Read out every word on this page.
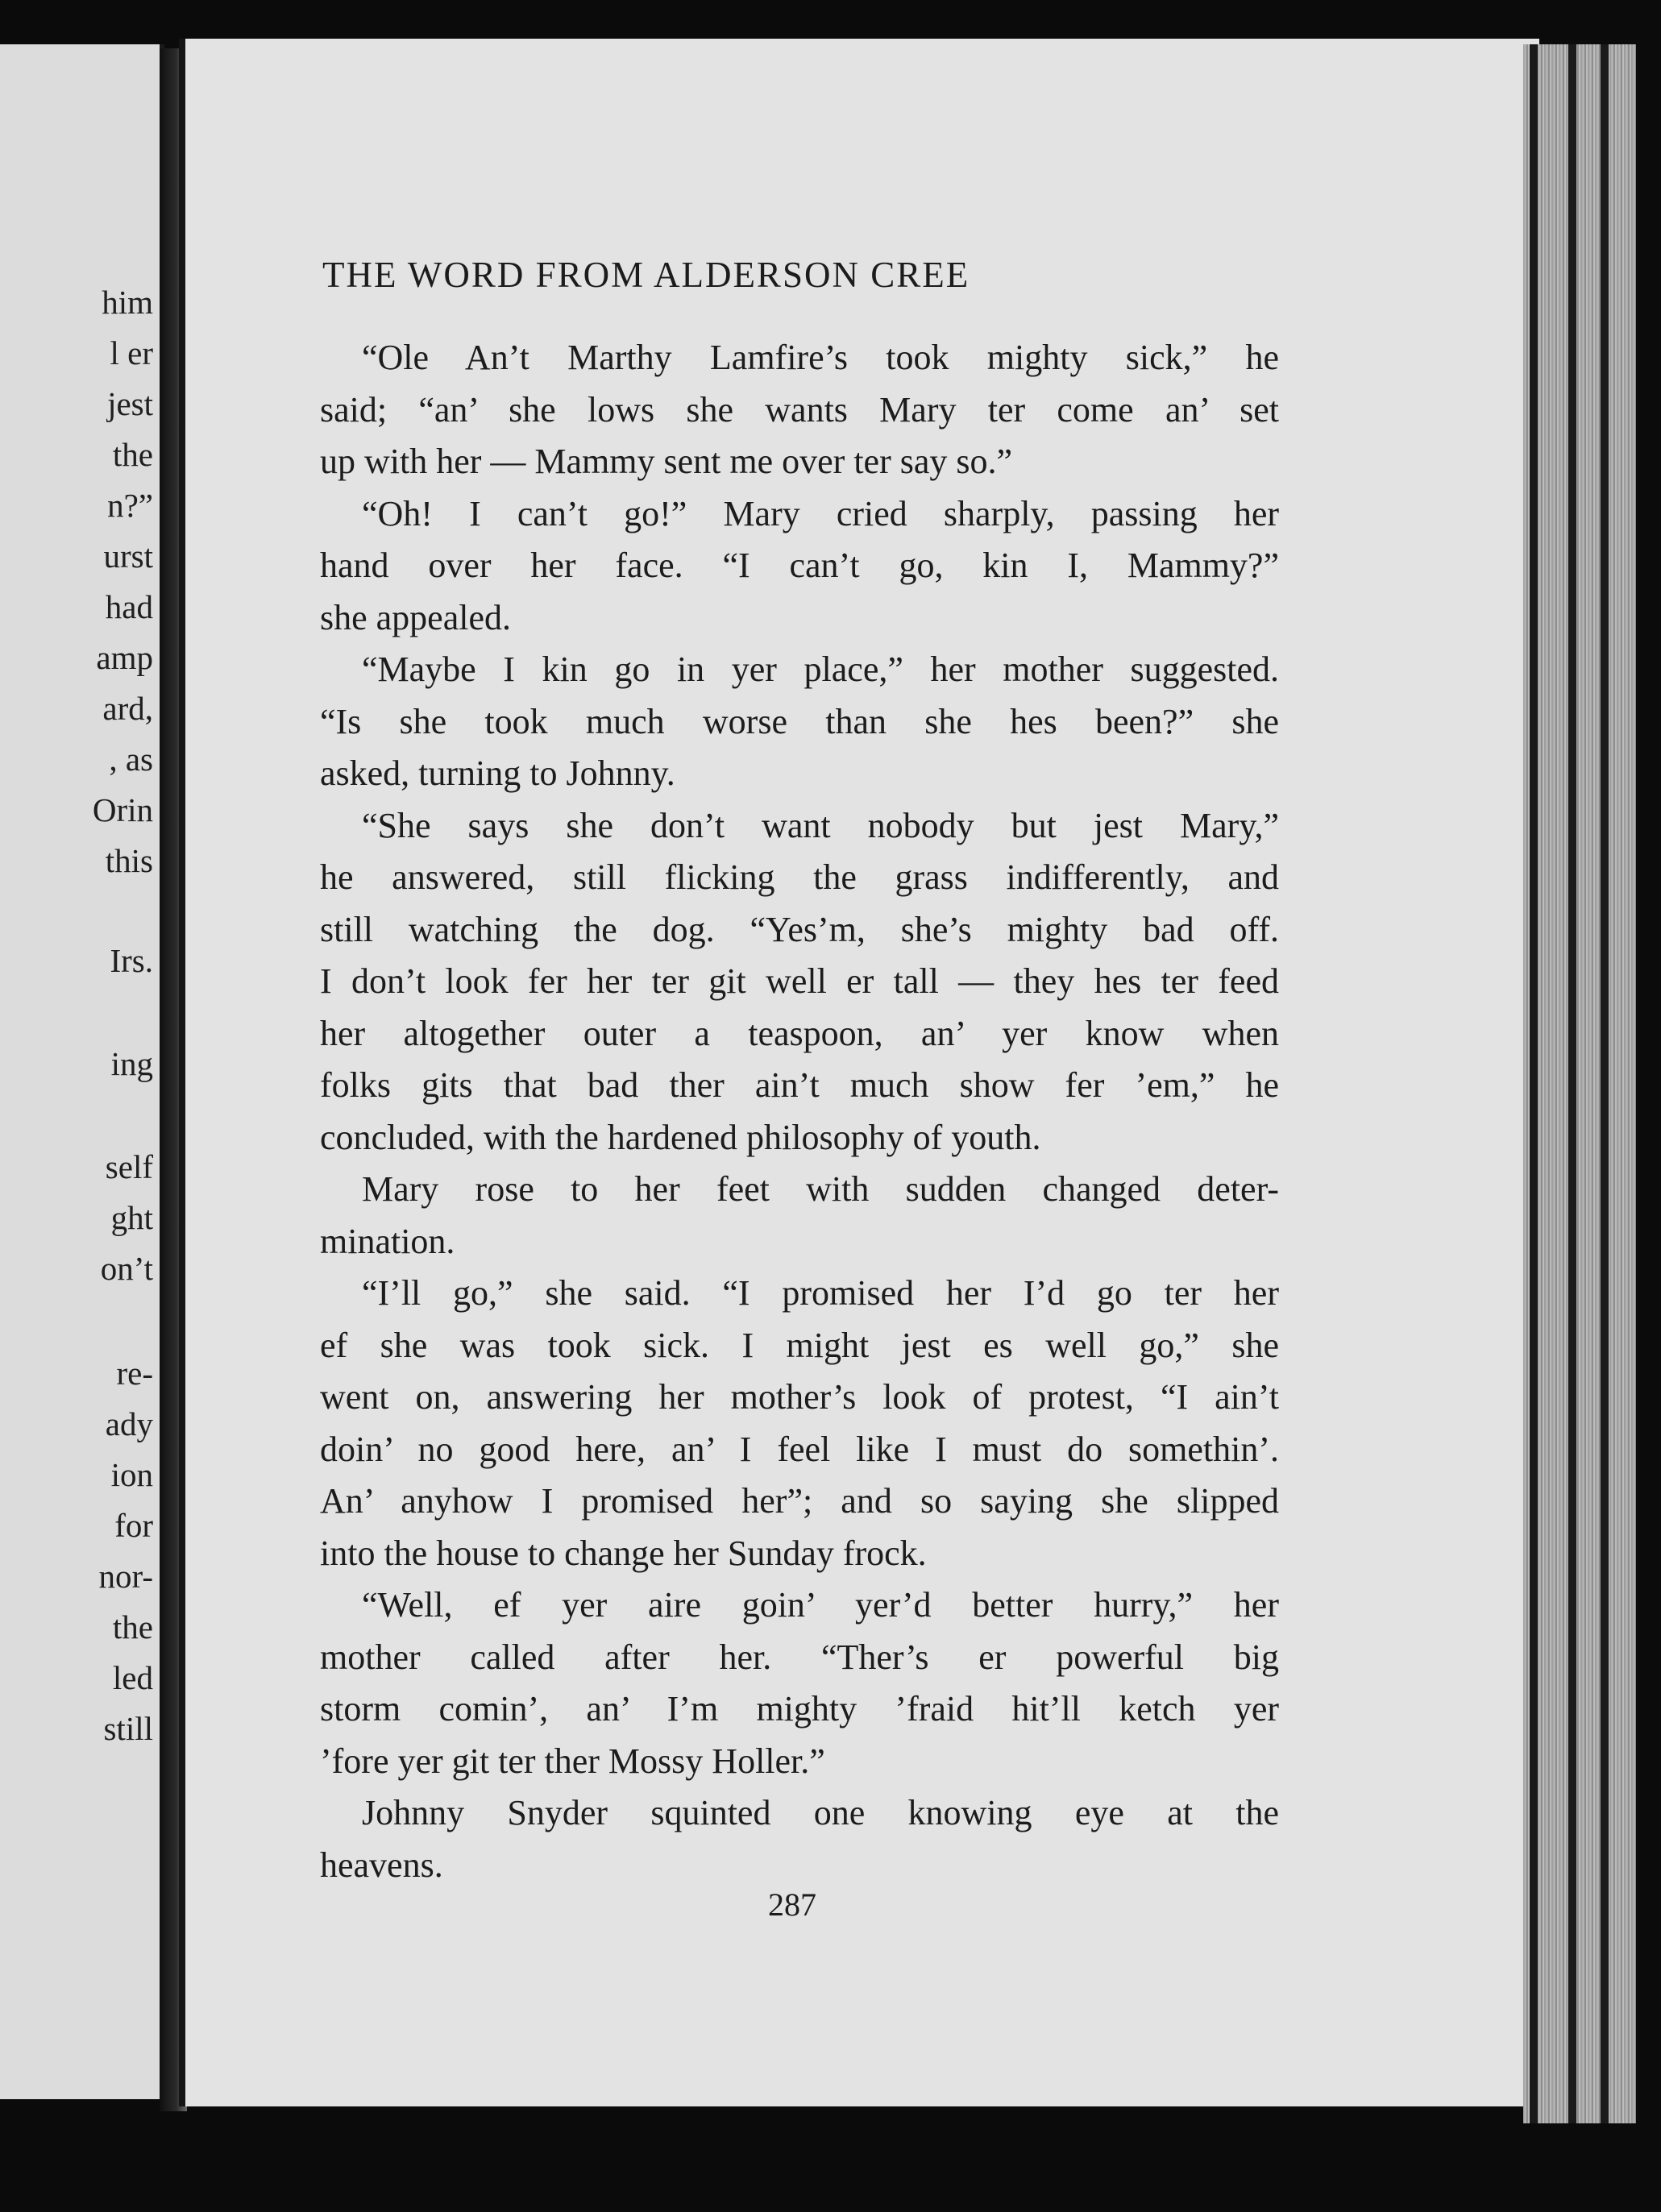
him
l er
jest
the
n?”
urst
had
amp
ard,
, as
Orin
this
Irs.
ing
self
ght
on’t
re-
ady
ion
for
nor-
the
led
still
THE WORD FROM ALDERSON CREE
“Ole An’t Marthy Lamfire’s took mighty sick,” he
said; “an’ she lows she wants Mary ter come an’ set
up with her — Mammy sent me over ter say so.”
“Oh! I can’t go!” Mary cried sharply, passing her
hand over her face. “I can’t go, kin I, Mammy?”
she appealed.
“Maybe I kin go in yer place,” her mother suggested.
“Is she took much worse than she hes been?” she
asked, turning to Johnny.
“She says she don’t want nobody but jest Mary,”
he answered, still flicking the grass indifferently, and
still watching the dog. “Yes’m, she’s mighty bad off.
I don’t look fer her ter git well er tall — they hes ter feed
her altogether outer a teaspoon, an’ yer know when
folks gits that bad ther ain’t much show fer ’em,” he
concluded, with the hardened philosophy of youth.
Mary rose to her feet with sudden changed deter-
mination.
“I’ll go,” she said. “I promised her I’d go ter her
ef she was took sick. I might jest es well go,” she
went on, answering her mother’s look of protest, “I ain’t
doin’ no good here, an’ I feel like I must do somethin’.
An’ anyhow I promised her”; and so saying she slipped
into the house to change her Sunday frock.
“Well, ef yer aire goin’ yer’d better hurry,” her
mother called after her. “Ther’s er powerful big
storm comin’, an’ I’m mighty ’fraid hit’ll ketch yer
’fore yer git ter ther Mossy Holler.”
Johnny Snyder squinted one knowing eye at the
heavens.
287
